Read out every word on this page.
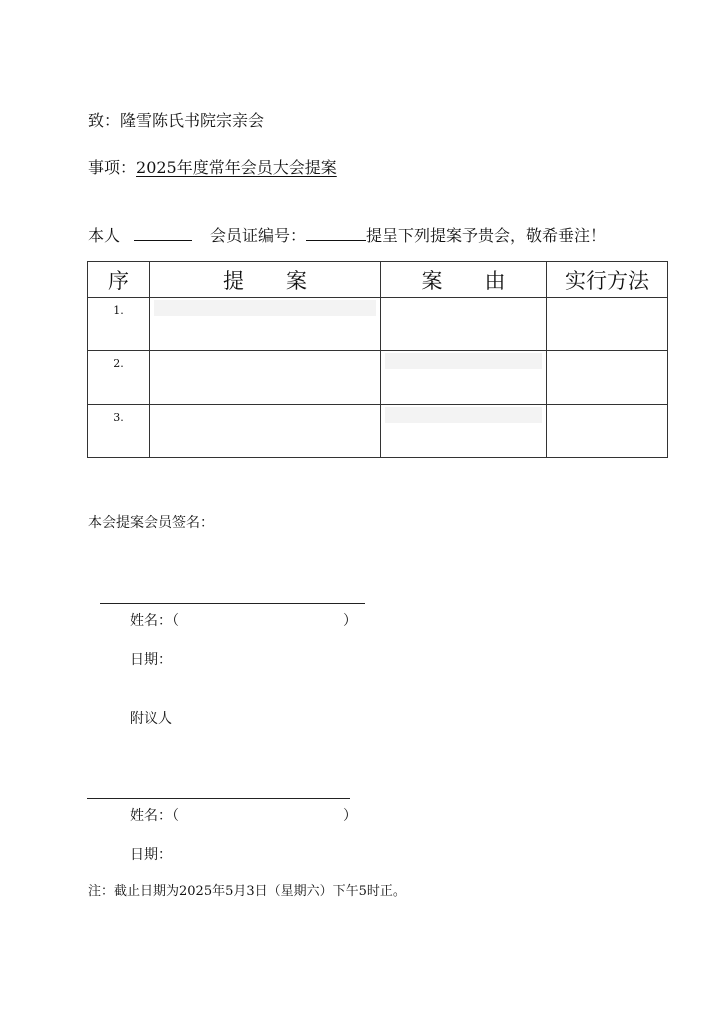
致：隆雪陈氏书院宗亲会
事项：2025年度常年会员大会提案
本人	会员证编号：	提呈下列提案予贵会，敬希垂注！
序	提　　案	案　　由	实行方法
1.	

2.		

3.		

本会提案会员签名：
姓名：（	）
日期：
附议人
姓名：（	）
日期：
注：截止日期为2025年5月3日（星期六）下午5时正。
